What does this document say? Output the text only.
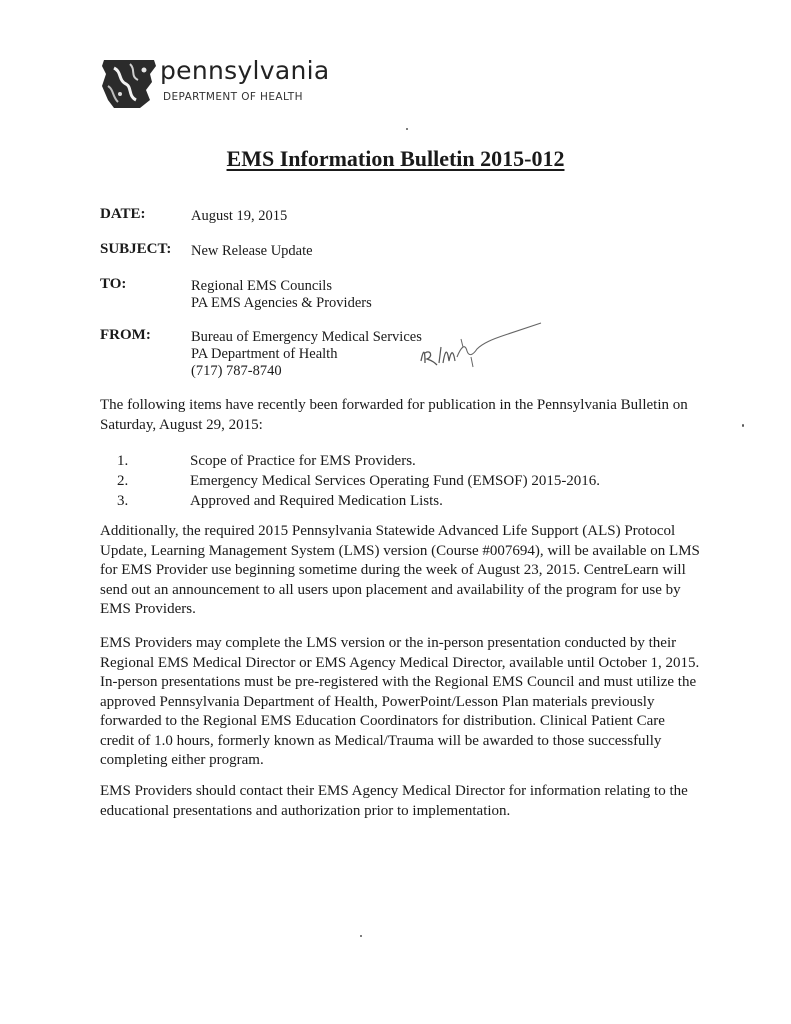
pennsylvania
DEPARTMENT OF HEALTH
EMS Information Bulletin 2015-012
DATE:	August 19, 2015
SUBJECT: New Release Update
TO:	Regional EMS Councils
PA EMS Agencies & Providers
FROM:	Bureau of Emergency Medical Services
PA Department of Health
(717) 787-8740
The following items have recently been forwarded for publication in the Pennsylvania Bulletin on Saturday, August 29, 2015:
1.	Scope of Practice for EMS Providers.
2.	Emergency Medical Services Operating Fund (EMSOF) 2015-2016.
3.	Approved and Required Medication Lists.
Additionally, the required 2015 Pennsylvania Statewide Advanced Life Support (ALS) Protocol Update, Learning Management System (LMS) version (Course #007694), will be available on LMS for EMS Provider use beginning sometime during the week of August 23, 2015. CentreLearn will send out an announcement to all users upon placement and availability of the program for use by EMS Providers.
EMS Providers may complete the LMS version or the in-person presentation conducted by their Regional EMS Medical Director or EMS Agency Medical Director, available until October 1, 2015. In-person presentations must be pre-registered with the Regional EMS Council and must utilize the approved Pennsylvania Department of Health, PowerPoint/Lesson Plan materials previously forwarded to the Regional EMS Education Coordinators for distribution. Clinical Patient Care credit of 1.0 hours, formerly known as Medical/Trauma will be awarded to those successfully completing either program.
EMS Providers should contact their EMS Agency Medical Director for information relating to the educational presentations and authorization prior to implementation.
